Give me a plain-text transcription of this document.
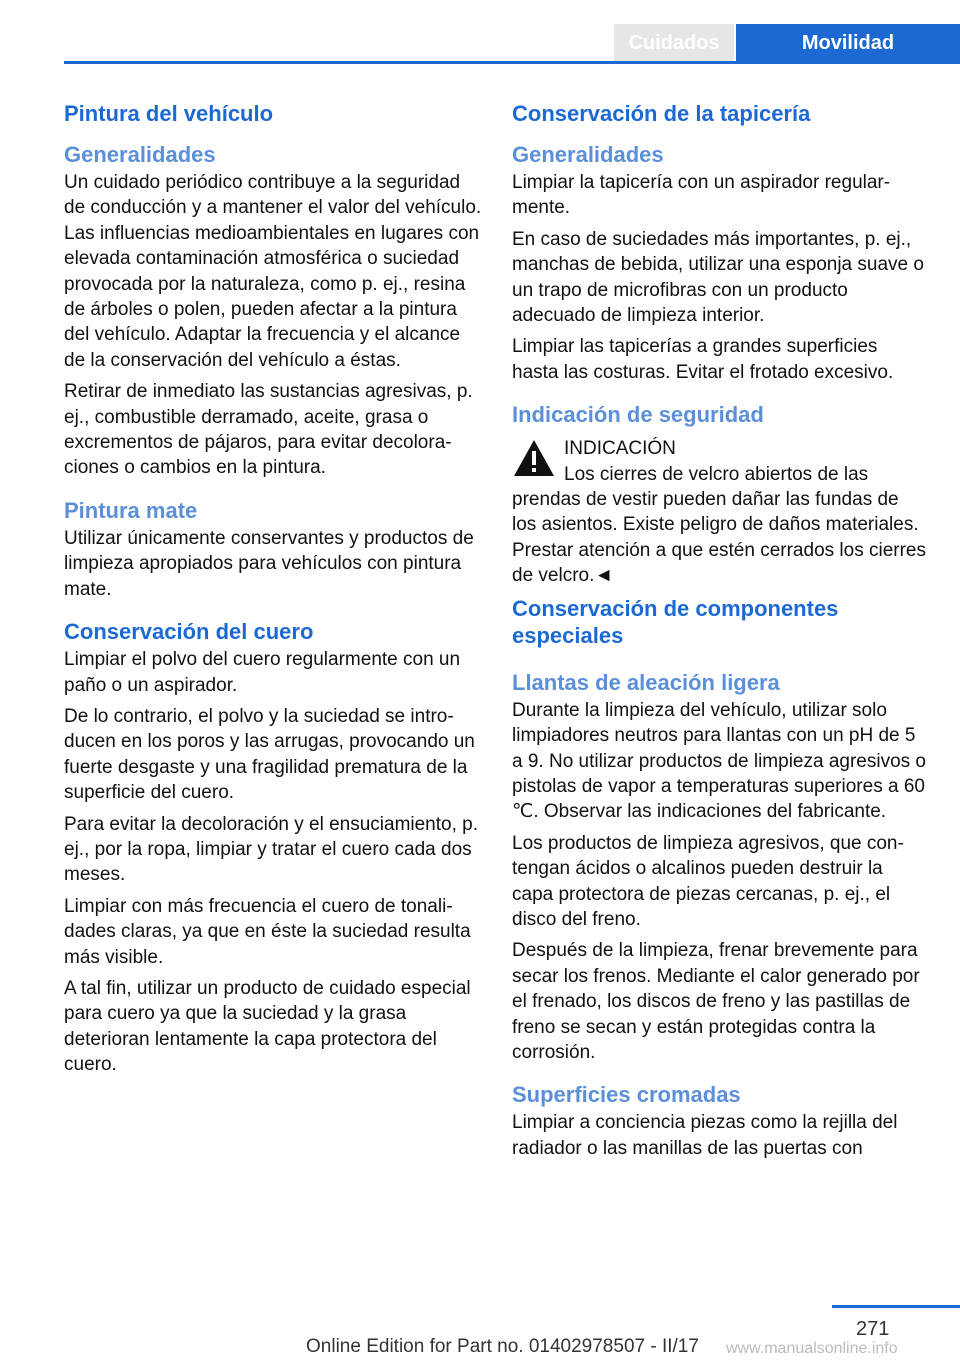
Cuidados	Movilidad
Pintura del vehículo
Generalidades

Un cuidado periódico contribuye a la seguridad de conducción y a mantener el valor del vehículo. Las influencias medioambientales en lugares con elevada contaminación atmosférica o suciedad provocada por la naturaleza, como p. ej., resina de árboles o polen, pueden afectar a la pintura del vehículo. Adaptar la frecuencia y el alcance de la conservación del vehículo a éstas.

Retirar de inmediato las sustancias agresivas, p. ej., combustible derramado, aceite, grasa o excrementos de pájaros, para evitar decoloraciones o cambios en la pintura.

Pintura mate

Utilizar únicamente conservantes y productos de limpieza apropiados para vehículos con pintura mate.

Conservación del cuero

Limpiar el polvo del cuero regularmente con un paño o un aspirador.

De lo contrario, el polvo y la suciedad se introducen en los poros y las arrugas, provocando un fuerte desgaste y una fragilidad prematura de la superficie del cuero.

Para evitar la decoloración y el ensuciamiento, p. ej., por la ropa, limpiar y tratar el cuero cada dos meses.

Limpiar con más frecuencia el cuero de tonalidades claras, ya que en éste la suciedad resulta más visible.

A tal fin, utilizar un producto de cuidado especial para cuero ya que la suciedad y la grasa deterioran lentamente la capa protectora del cuero.

Conservación de la tapicería
Generalidades

Limpiar la tapicería con un aspirador regularmente.

En caso de suciedades más importantes, p. ej., manchas de bebida, utilizar una esponja suave o un trapo de microfibras con un producto adecuado de limpieza interior.

Limpiar las tapicerías a grandes superficies hasta las costuras. Evitar el frotado excesivo.

Indicación de seguridad
INDICACIÓN
Los cierres de velcro abiertos de las prendas de vestir pueden dañar las fundas de los asientos. Existe peligro de daños materiales. Prestar atención a que estén cerrados los cierres de velcro.◄
Conservación de componentes especiales
Llantas de aleación ligera

Durante la limpieza del vehículo, utilizar solo limpiadores neutros para llantas con un pH de 5 a 9. No utilizar productos de limpieza agresivos o pistolas de vapor a temperaturas superiores a 60 ℃. Observar las indicaciones del fabricante.

Los productos de limpieza agresivos, que contengan ácidos o alcalinos pueden destruir la capa protectora de piezas cercanas, p. ej., el disco del freno.

Después de la limpieza, frenar brevemente para secar los frenos. Mediante el calor generado por el frenado, los discos de freno y las pastillas de freno se secan y están protegidas contra la corrosión.

Superficies cromadas

Limpiar a conciencia piezas como la rejilla del radiador o las manillas de las puertas con

271
Online Edition for Part no. 01402978507 - II/17 www.manualsonline.info
